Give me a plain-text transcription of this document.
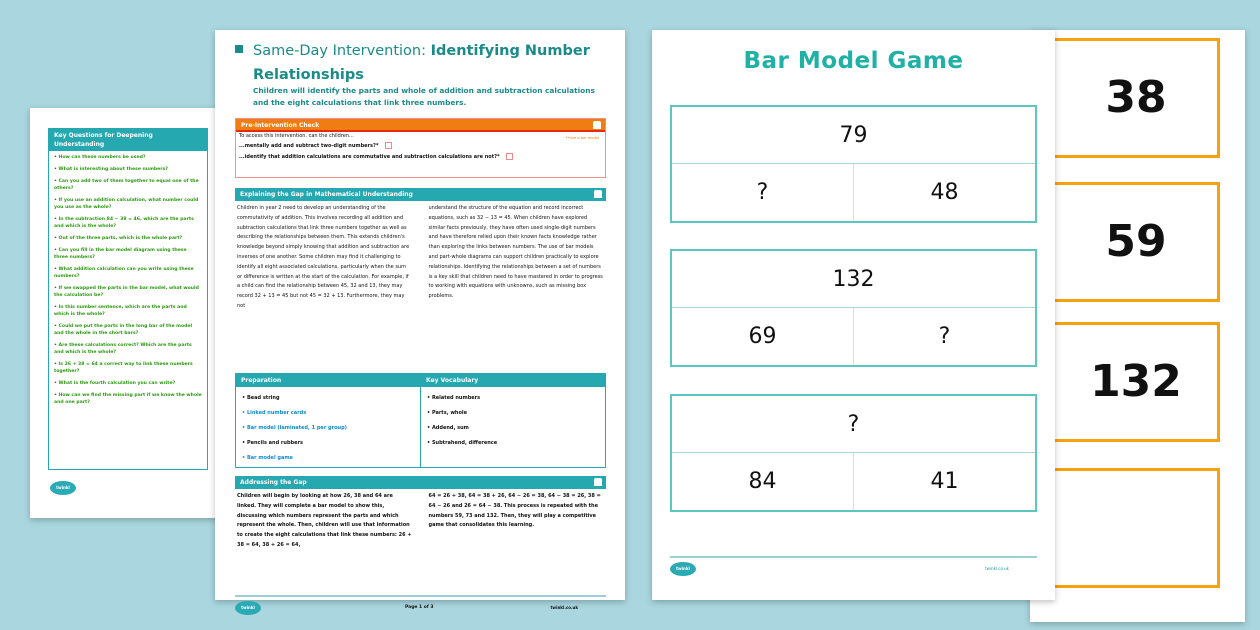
Key Questions for Deepening Understanding
• How can these numbers be used?
• What is interesting about these numbers?
• Can you add two of them together to equal one of the others?
• If you use an addition calculation, what number could you use as the whole?
• In the subtraction 84 − 38 = 46, which are the parts and which is the whole?
• Out of the three parts, which is the whole part?
• Can you fill in the bar model diagram using these three numbers?
• What addition calculation can you write using these numbers?
• If we swapped the parts in the bar model, what would the calculation be?
• In this number sentence, which are the parts and which is the whole?
• Could we put the parts in the long bar of the model and the whole in the short bars?
• Are these calculations correct? Which are the parts and which is the whole?
• Is 26 + 38 = 64 a correct way to link these numbers together?
• What is the fourth calculation you can write?
• How can we find the missing part if we know the whole and one part?
twinkl
Same-Day Intervention: Identifying Number Relationships
Children will identify the parts and whole of addition and subtraction calculations and the eight calculations that link three numbers.
Pre-Intervention Check
**Use a bar model

To access this intervention, can the children...

...mentally add and subtract two-digit numbers?*

...identify that addition calculations are commutative and subtraction calculations are not?*

Explaining the Gap in Mathematical Understanding
Children in year 2 need to develop an understanding of the commutativity of addition. This involves recording all addition and subtraction calculations that link three numbers together as well as describing the relationships between them. This extends children's knowledge beyond simply knowing that addition and subtraction are inverses of one another. Some children may find it challenging to identify all eight associated calculations, particularly when the sum or difference is written at the start of the calculation. For example, if a child can find the relationship between 45, 32 and 13, they may record 32 + 13 = 45 but not 45 = 32 + 13. Furthermore, they may not
understand the structure of the equation and record incorrect equations, such as 32 − 13 = 45. When children have explored similar facts previously, they have often used single-digit numbers and have therefore relied upon their known facts knowledge rather than exploring the links between numbers. The use of bar models and part-whole diagrams can support children practically to explore relationships. Identifying the relationships between a set of numbers is a key skill that children need to have mastered in order to progress to working with equations with unknowns, such as missing box problems.
Preparation
• Bead string
• Linked number cards
• Bar model (laminated, 1 per group)
• Pencils and rubbers
• Bar model game
Key Vocabulary
• Related numbers
• Parts, whole
• Addend, sum
• Subtrahend, difference
Addressing the Gap
Children will begin by looking at how 26, 38 and 64 are linked. They will complete a bar model to show this, discussing which numbers represent the parts and which represent the whole. Then, children will use that information to create the eight calculations that link these numbers: 26 + 38 = 64, 38 + 26 = 64,
64 = 26 + 38, 64 = 38 + 26, 64 − 26 = 38, 64 − 38 = 26, 38 = 64 − 26 and 26 = 64 − 38. This process is repeated with the numbers 59, 73 and 132. Then, they will play a competitive game that consolidates this learning.
twinkl	Page 1 of 3	twinkl.co.uk
Bar Model Game
79
?	48
132
69	?
?
84	41
twinkl	twinkl.co.uk
38
59
132
